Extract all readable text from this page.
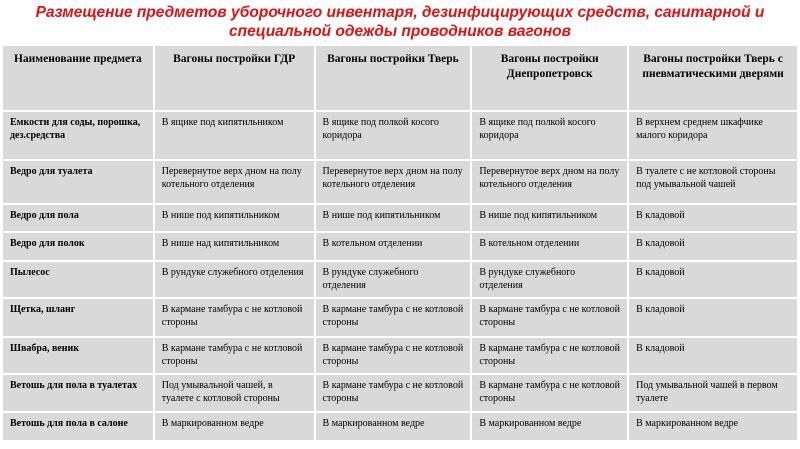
Размещение предметов уборочного инвентаря, дезинфицирующих средств, санитарной и специальной одежды проводников вагонов
Наименование предмета	Вагоны постройки ГДР	Вагоны постройки Тверь	Вагоны постройки Днепропетровск	Вагоны постройки Тверь с пневматическими дверями
Емкости для соды, порошка, дез.средства	В ящике под кипятильником	В ящике под полкой косого коридора	В ящике под полкой косого коридора	В верхнем среднем шкафчике малого коридора
Ведро для туалета	Перевернутое верх дном на полу котельного отделения	Перевернутое верх дном на полу котельного отделения	Перевернутое верх дном на полу котельного отделения	В туалете с не котловой стороны под умывальной чашей
Ведро для пола	В нише под кипятильником	В нише под кипятильником	В нише под кипятильником	В кладовой
Ведро для полок	В нише над кипятильником	В котельном отделении	В котельном отделении	В кладовой
Пылесос	В рундуке служебного отделения	В рундуке служебного отделения	В рундуке служебного отделения	В кладовой
Щетка, шланг	В кармане тамбура с не котловой стороны	В кармане тамбура с не котловой стороны	В кармане тамбура с не котловой стороны	В кладовой
Швабра, веник	В кармане тамбура с не котловой стороны	В кармане тамбура с не котловой стороны	В кармане тамбура с не котловой стороны	В кладовой
Ветошь для пола в туалетах	Под умывальной чашей, в туалете с котловой стороны	В кармане тамбура с не котловой стороны	В кармане тамбура с не котловой стороны	Под умывальной чашей в первом туалете
Ветошь для пола в салоне	В маркированном ведре	В маркированном ведре	В маркированном ведре	В маркированном ведре
